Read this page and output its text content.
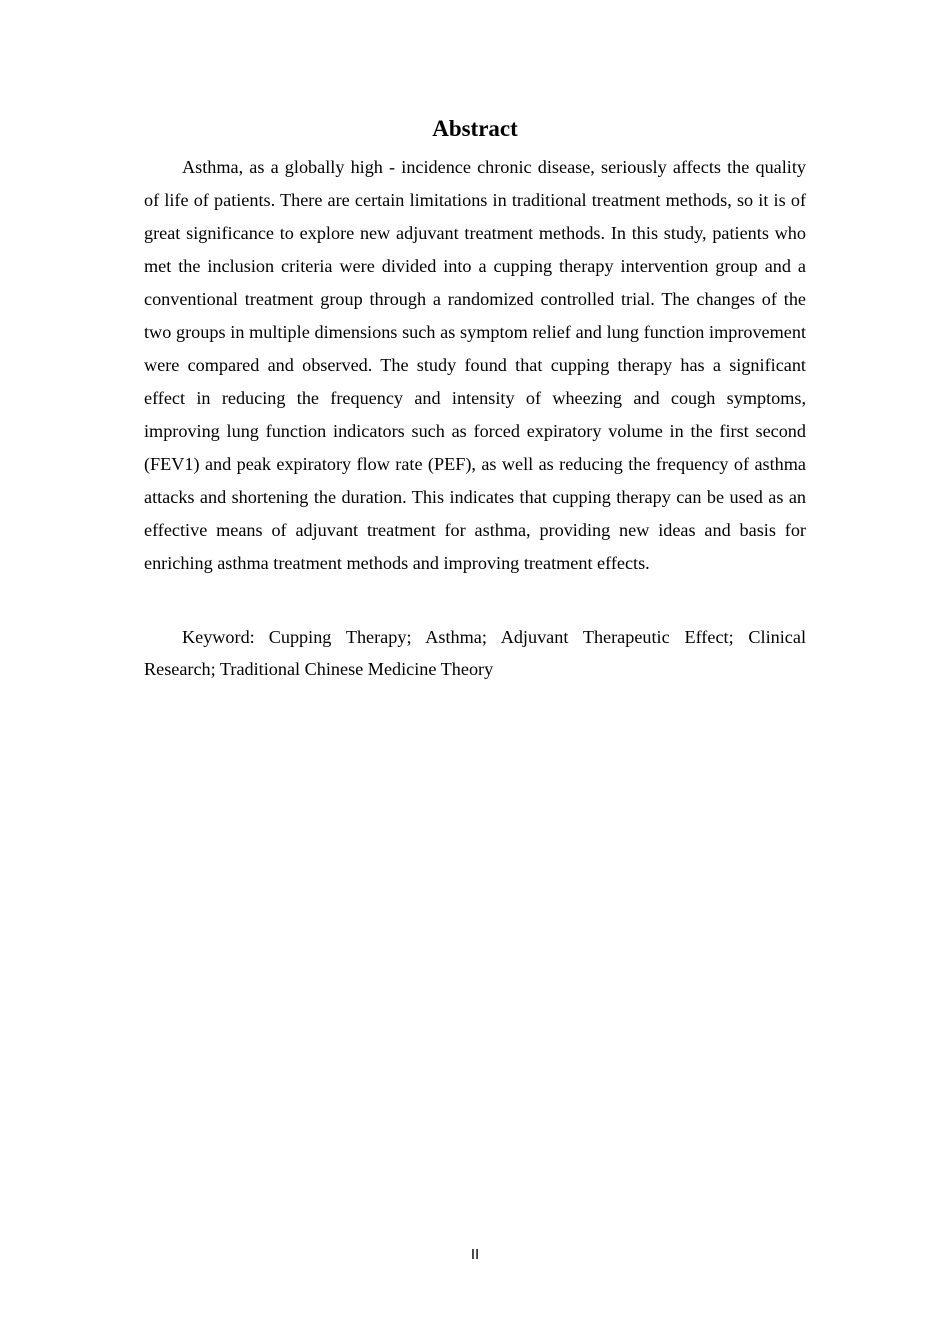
Abstract

Asthma, as a globally high - incidence chronic disease, seriously affects the quality of life of patients. There are certain limitations in traditional treatment methods, so it is of great significance to explore new adjuvant treatment methods. In this study, patients who met the inclusion criteria were divided into a cupping therapy intervention group and a conventional treatment group through a randomized controlled trial. The changes of the two groups in multiple dimensions such as symptom relief and lung function improvement were compared and observed. The study found that cupping therapy has a significant effect in reducing the frequency and intensity of wheezing and cough symptoms, improving lung function indicators such as forced expiratory volume in the first second (FEV1) and peak expiratory flow rate (PEF), as well as reducing the frequency of asthma attacks and shortening the duration. This indicates that cupping therapy can be used as an effective means of adjuvant treatment for asthma, providing new ideas and basis for enriching asthma treatment methods and improving treatment effects.

Keyword: Cupping Therapy; Asthma; Adjuvant Therapeutic Effect; Clinical Research; Traditional Chinese Medicine Theory

II
